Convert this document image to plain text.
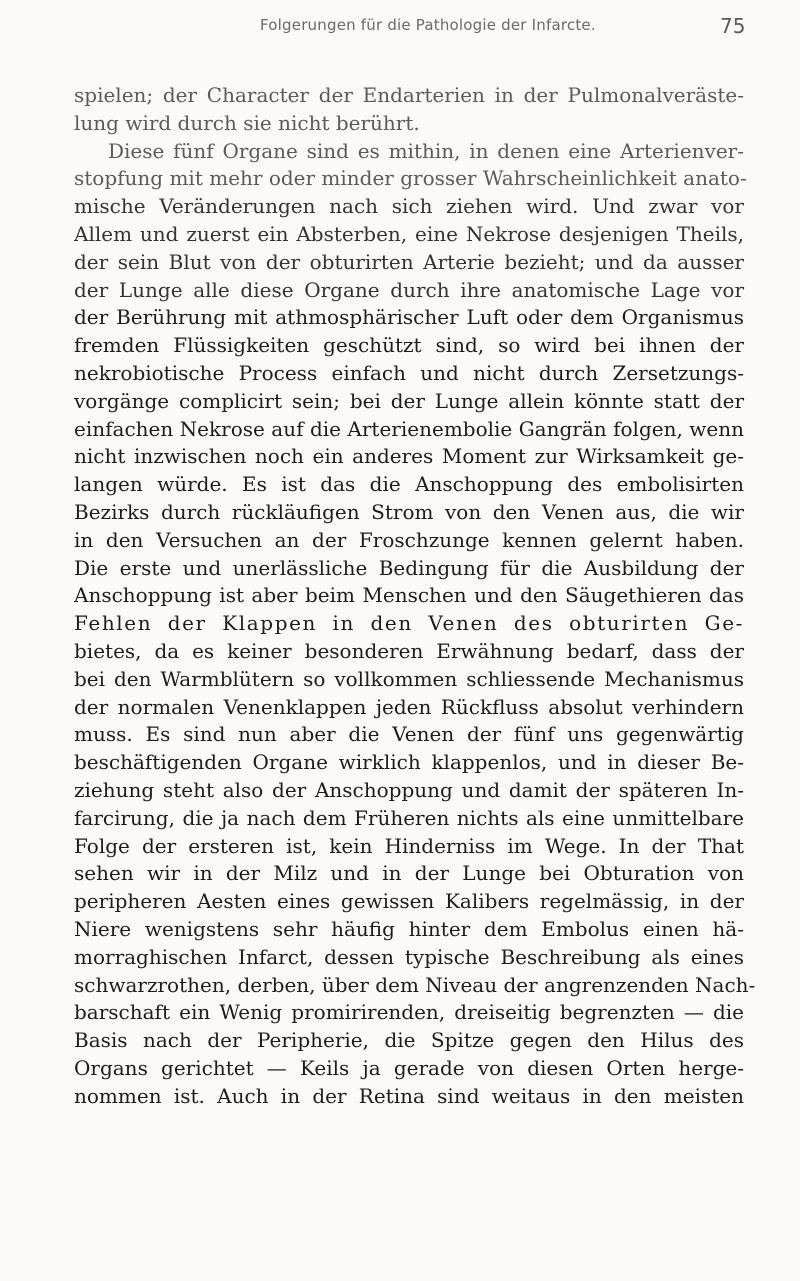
Folgerungen für die Pathologie der Infarcte.	75
spielen; der Character der Endarterien in der Pulmonalveräste-
lung wird durch sie nicht berührt.
Diese fünf Organe sind es mithin, in denen eine Arterienver-
stopfung mit mehr oder minder grosser Wahrscheinlichkeit anato-
mische Veränderungen nach sich ziehen wird. Und zwar vor
Allem und zuerst ein Absterben, eine Nekrose desjenigen Theils,
der sein Blut von der obturirten Arterie bezieht; und da ausser
der Lunge alle diese Organe durch ihre anatomische Lage vor
der Berührung mit athmosphärischer Luft oder dem Organismus
fremden Flüssigkeiten geschützt sind, so wird bei ihnen der
nekrobiotische Process einfach und nicht durch Zersetzungs-
vorgänge complicirt sein; bei der Lunge allein könnte statt der
einfachen Nekrose auf die Arterienembolie Gangrän folgen, wenn
nicht inzwischen noch ein anderes Moment zur Wirksamkeit ge-
langen würde. Es ist das die Anschoppung des embolisirten
Bezirks durch rückläufigen Strom von den Venen aus, die wir
in den Versuchen an der Froschzunge kennen gelernt haben.
Die erste und unerlässliche Bedingung für die Ausbildung der
Anschoppung ist aber beim Menschen und den Säugethieren das
Fehlen der Klappen in den Venen des obturirten Ge-
bietes, da es keiner besonderen Erwähnung bedarf, dass der
bei den Warmblütern so vollkommen schliessende Mechanismus
der normalen Venenklappen jeden Rückfluss absolut verhindern
muss. Es sind nun aber die Venen der fünf uns gegenwärtig
beschäftigenden Organe wirklich klappenlos, und in dieser Be-
ziehung steht also der Anschoppung und damit der späteren In-
farcirung, die ja nach dem Früheren nichts als eine unmittelbare
Folge der ersteren ist, kein Hinderniss im Wege. In der That
sehen wir in der Milz und in der Lunge bei Obturation von
peripheren Aesten eines gewissen Kalibers regelmässig, in der
Niere wenigstens sehr häufig hinter dem Embolus einen hä-
morraghischen Infarct, dessen typische Beschreibung als eines
schwarzrothen, derben, über dem Niveau der angrenzenden Nach-
barschaft ein Wenig promirirenden, dreiseitig begrenzten — die
Basis nach der Peripherie, die Spitze gegen den Hilus des
Organs gerichtet — Keils ja gerade von diesen Orten herge-
nommen ist. Auch in der Retina sind weitaus in den meisten
